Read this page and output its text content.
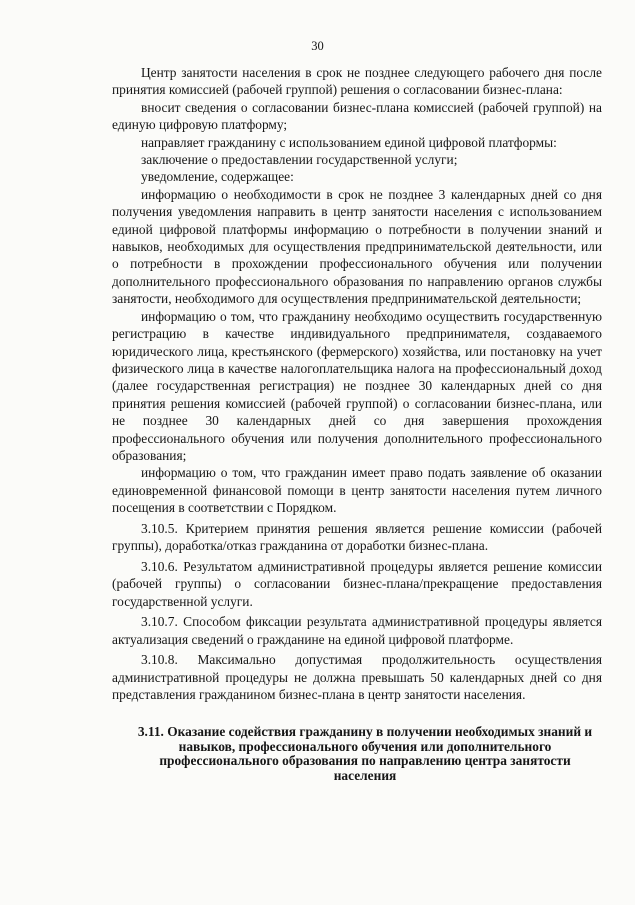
30

Центр занятости населения в срок не позднее следующего рабочего дня после принятия комиссией (рабочей группой) решения о согласовании бизнес-плана:

вносит сведения о согласовании бизнес-плана комиссией (рабочей группой) на единую цифровую платформу;

направляет гражданину с использованием единой цифровой платформы:

заключение о предоставлении государственной услуги;

уведомление, содержащее:

информацию о необходимости в срок не позднее 3 календарных дней со дня получения уведомления направить в центр занятости населения с использованием единой цифровой платформы информацию о потребности в получении знаний и навыков, необходимых для осуществления предпринимательской деятельности, или о потребности в прохождении профессионального обучения или получении дополнительного профессионального образования по направлению органов службы занятости, необходимого для осуществления предпринимательской деятельности;

информацию о том, что гражданину необходимо осуществить государственную регистрацию в качестве индивидуального предпринимателя, создаваемого юридического лица, крестьянского (фермерского) хозяйства, или постановку на учет физического лица в качестве налогоплательщика налога на профессиональный доход (далее государственная регистрация) не позднее 30 календарных дней со дня принятия решения комиссией (рабочей группой) о согласовании бизнес-плана, или не позднее 30 календарных дней со дня завершения прохождения профессионального обучения или получения дополнительного профессионального образования;

информацию о том, что гражданин имеет право подать заявление об оказании единовременной финансовой помощи в центр занятости населения путем личного посещения в соответствии с Порядком.

3.10.5. Критерием принятия решения является решение комиссии (рабочей группы), доработка/отказ гражданина от доработки бизнес-плана.

3.10.6. Результатом административной процедуры является решение комиссии (рабочей группы) о согласовании бизнес-плана/прекращение предоставления государственной услуги.

3.10.7. Способом фиксации результата административной процедуры является актуализация сведений о гражданине на единой цифровой платформе.

3.10.8. Максимально допустимая продолжительность осуществления административной процедуры не должна превышать 50 календарных дней со дня представления гражданином бизнес-плана в центр занятости населения.

3.11. Оказание содействия гражданину в получении необходимых знаний и навыков, профессионального обучения или дополнительного профессионального образования по направлению центра занятости населения
